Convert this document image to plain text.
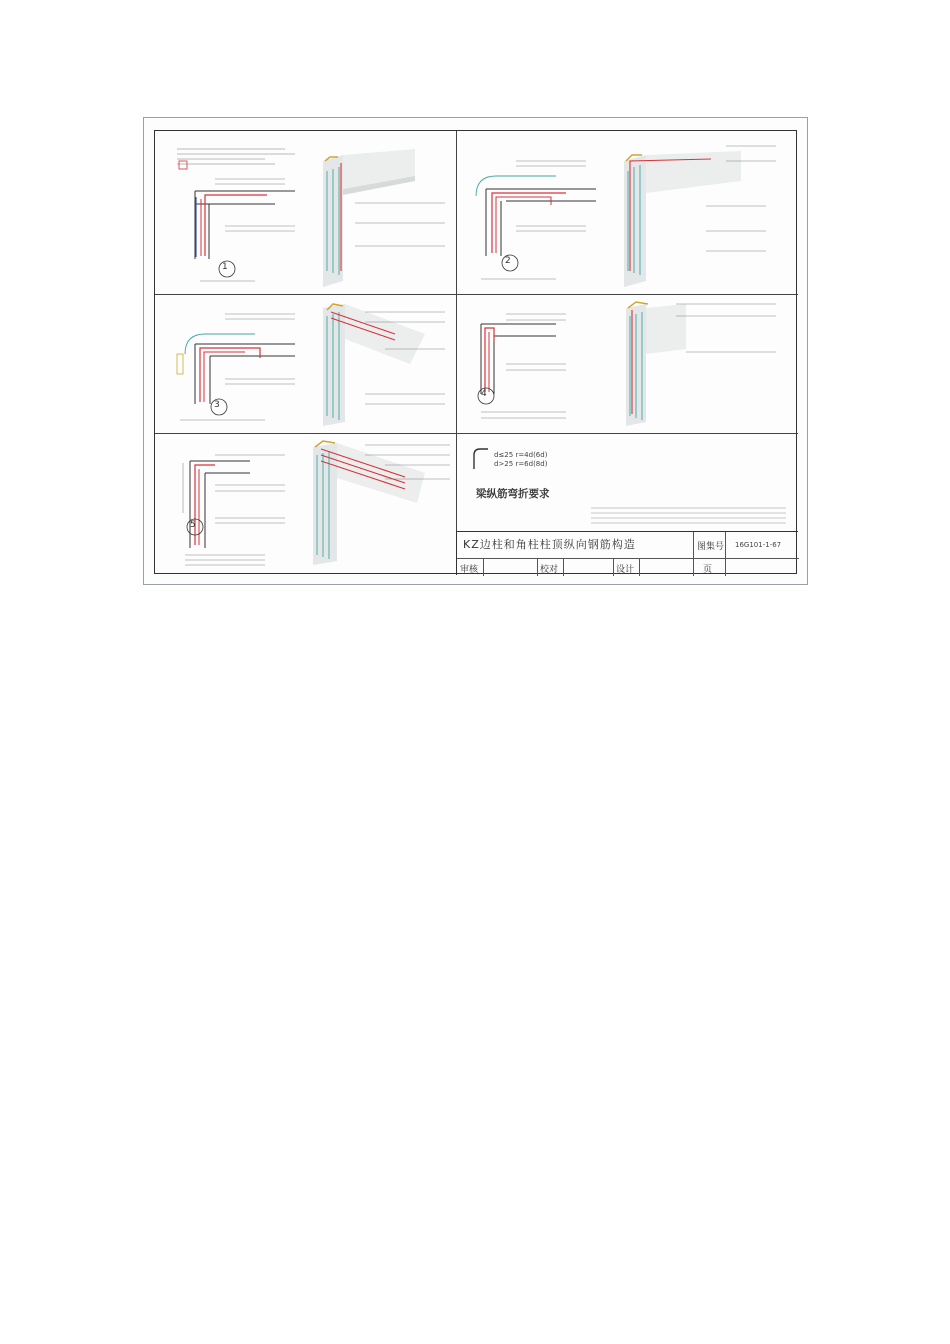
1
2
3
4
5
d≤25 r=4d(6d)
d>25 r=6d(8d)
梁纵筋弯折要求
KZ边柱和角柱柱顶纵向钢筋构造	图集号 16G101-1-67
审核	校对	设计	页
